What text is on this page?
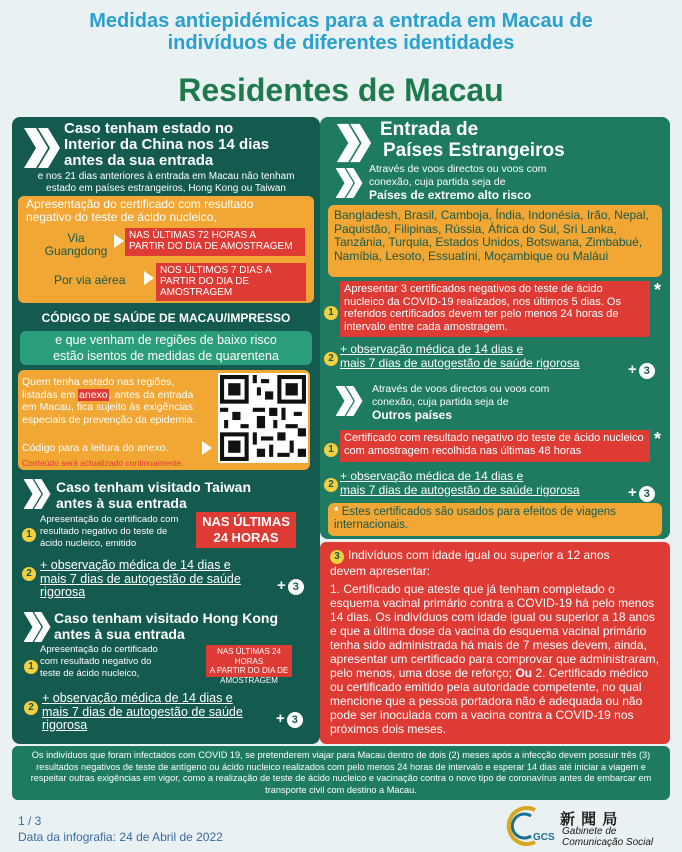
Medidas antiepidémicas para a entrada em Macau de
indivíduos de diferentes identidades
Residentes de Macau
Caso tenham estado no
Interior da China nos 14 dias
antes da sua entrada
e nos 21 dias anteriores à entrada em Macau não tenham
estado em países estrangeiros, Hong Kong ou Taiwan
Apresentação do certificado com resultado
negativo do teste de ácido nucleico,
Via
Guangdong
NAS ÚLTIMAS 72 HORAS A
PARTIR DO DIA DE AMOSTRAGEM
Por via aérea
NOS ÚLTIMOS 7 DIAS A
PARTIR DO DIA DE
AMOSTRAGEM
CÓDIGO DE SAÚDE DE MACAU/IMPRESSO
e que venham de regiões de baixo risco
estão isentos de medidas de quarentena
Quem tenha estado nas regiões,
listadas em anexo, antes da entrada
em Macau, fica sujeito às exigências
especiais de prevenção da epidemia.
Código para a leitura do anexo.
Conteúdo será actualizado continuamente.
Caso tenham visitado Taiwan
antes à sua entrada
1
Apresentação do certificado com
resultado negativo do teste de
ácido nucleico, emitido
NAS ÚLTIMAS
24 HORAS
2
+ observação médica de 14 dias e
mais 7 dias de autogestão de saúde
rigorosa	+ 3
Caso tenham visitado Hong Kong
antes à sua entrada
1
Apresentação do certificado
com resultado negativo do
teste de ácido nucleico,
NAS ÚLTIMAS 24 HORAS
A PARTIR DO DIA DE
AMOSTRAGEM
2
+ observação médica de 14 dias e
mais 7 dias de autogestão de saúde
rigorosa	+ 3
Entrada de
Países Estrangeiros
Através de voos directos ou voos com
conexão, cuja partida seja de
Países de extremo alto risco
Bangladesh, Brasil, Camboja, Índia, Indonésia, Irão, Nepal, Paquistão, Filipinas, Rússia, África do Sul, Sri Lanka, Tanzânia, Turquia, Estados Unidos, Botswana, Zimbabué, Namíbia, Lesoto, Essuatíni, Moçambique ou Maláui
1
Apresentar 3 certificados negativos do teste de ácido nucleico da COVID-19 realizados, nos últimos 5 dias. Os referidos certificados devem ter pelo menos 24 horas de intervalo entre cada amostragem.
*
2
+ observação médica de 14 dias e
mais 7 dias de autogestão de saúde rigorosa	+ 3
Através de voos directos ou voos com
conexão, cuja partida seja de
Outros países
1
Certificado com resultado negativo do teste de ácido nucleico com amostragem recolhida nas últimas 48 horas
*
2
+ observação médica de 14 dias e
mais 7 dias de autogestão de saúde rigorosa	+ 3
* Estes certificados são usados para efeitos de viagens internacionais.
3 Indivíduos com idade igual ou superior a 12 anos
devem apresentar:
1. Certificado que ateste que já tenham completado o esquema vacinal primário contra a COVID-19 há pelo menos 14 dias. Os indivíduos com idade igual ou superior a 18 anos e que a última dose da vacina do esquema vacinal primário tenha sido administrada há mais de 7 meses devem, ainda, apresentar um certificado para comprovar que administraram, pelo menos, uma dose de reforço; Ou 2. Certificado médico ou certificado emitido pela autoridade competente, no qual mencione que a pessoa portadora não é adequada ou não pode ser inoculada com a vacina contra a COVID-19 nos próximos dois meses.
Os indivíduos que foram infectados com COVID 19, se pretenderem viajar para Macau dentro de dois (2) meses após a infecção devem possuir três (3) resultados negativos de teste de antígeno ou ácido nucleico realizados com pelo menos 24 horas de intervalo e esperar 14 dias até iniciar a viagem e respeitar outras exigências em vigor, como a realização de teste de ácido nucleico e vacinação contra o novo tipo de coronavírus antes de embarcar em transporte civil com destino a Macau.
1 / 3
Data da infografia: 24 de Abril de 2022	GCS
新 聞 局
Gabinete de
Comunicação Social
